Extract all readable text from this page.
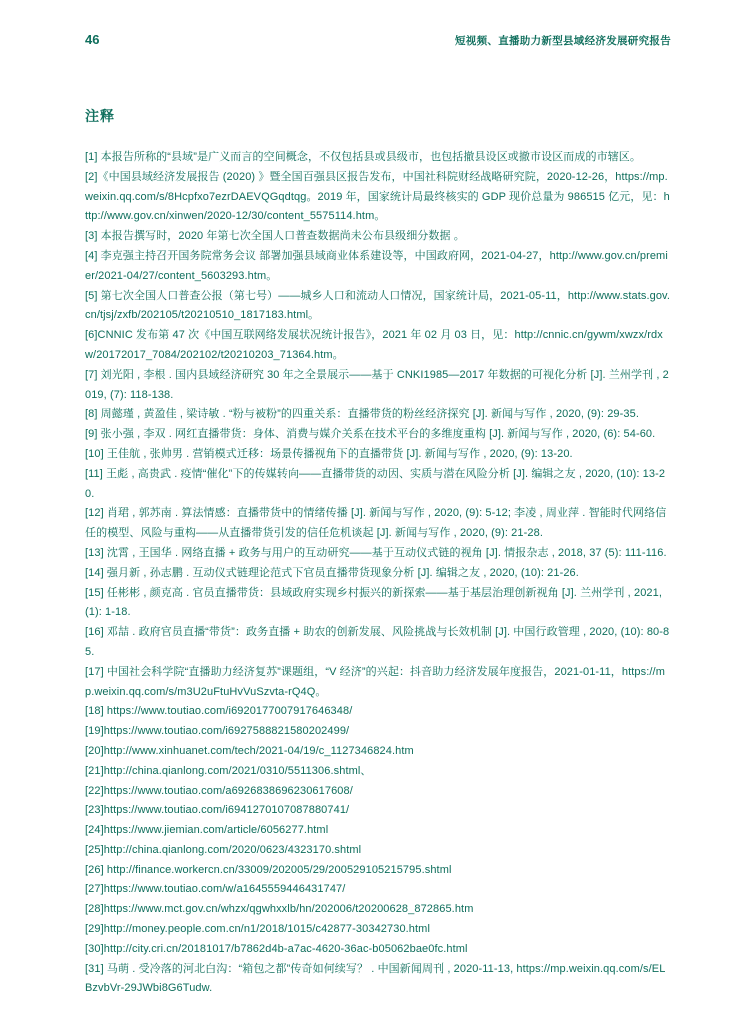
46	短视频、直播助力新型县域经济发展研究报告
注释

[1] 本报告所称的“县域”是广义而言的空间概念，不仅包括县或县级市，也包括撤县设区或撤市设区而成的市辖区。

[2]《中国县域经济发展报告 (2020) 》暨全国百强县区报告发布，中国社科院财经战略研究院，2020-12-26，https://mp.weixin.qq.com/s/8Hcpfxo7ezrDAEVQGqdtqg。2019 年，国家统计局最终核实的 GDP 现价总量为 986515 亿元，见：http://www.gov.cn/xinwen/2020-12/30/content_5575114.htm。

[3] 本报告撰写时，2020 年第七次全国人口普查数据尚未公布县级细分数据 。

[4] 李克强主持召开国务院常务会议 部署加强县域商业体系建设等，中国政府网，2021-04-27，http://www.gov.cn/premier/2021-04/27/content_5603293.htm。

[5] 第七次全国人口普查公报（第七号）——城乡人口和流动人口情况，国家统计局，2021-05-11，http://www.stats.gov.cn/tjsj/zxfb/202105/t20210510_1817183.html。

[6]CNNIC 发布第 47 次《中国互联网络发展状况统计报告》，2021 年 02 月 03 日，见：http://cnnic.cn/gywm/xwzx/rdxw/20172017_7084/202102/t20210203_71364.htm。

[7] 刘光阳 , 李根 . 国内县域经济研究 30 年之全景展示——基于 CNKI1985—2017 年数据的可视化分析 [J]. 兰州学刊 , 2019, (7): 118-138.

[8] 周懿瑾 , 黄盈佳 , 梁诗敏 . “粉与被粉”的四重关系：直播带货的粉丝经济探究 [J]. 新闻与写作 , 2020, (9): 29-35.

[9] 张小强 , 李双 . 网红直播带货：身体、消费与媒介关系在技术平台的多维度重构 [J]. 新闻与写作 , 2020, (6): 54-60.

[10] 王佳航 , 张帅男 . 营销模式迁移：场景传播视角下的直播带货 [J]. 新闻与写作 , 2020, (9): 13-20.

[11] 王彪 , 高贵武 . 疫情“催化”下的传媒转向——直播带货的动因、实质与潜在风险分析 [J]. 编辑之友 , 2020, (10): 13-20.

[12] 肖珺 , 郭苏南 . 算法情感：直播带货中的情绪传播 [J]. 新闻与写作 , 2020, (9): 5-12; 李凌 , 周业萍 . 智能时代网络信任的模型、风险与重构——从直播带货引发的信任危机谈起 [J]. 新闻与写作 , 2020, (9): 21-28.

[13] 沈霄 , 王国华 . 网络直播 + 政务与用户的互动研究——基于互动仪式链的视角 [J]. 情报杂志 , 2018, 37 (5): 111-116.

[14] 强月新 , 孙志鹏 . 互动仪式链理论范式下官员直播带货现象分析 [J]. 编辑之友 , 2020, (10): 21-26.

[15] 任彬彬 , 颜克高 . 官员直播带货：县域政府实现乡村振兴的新探索——基于基层治理创新视角 [J]. 兰州学刊 , 2021, (1): 1-18.

[16] 邓喆 . 政府官员直播“带货”：政务直播 + 助农的创新发展、风险挑战与长效机制 [J]. 中国行政管理 , 2020, (10): 80-85.

[17] 中国社会科学院“直播助力经济复苏”课题组，“V 经济”的兴起：抖音助力经济发展年度报告，2021-01-11，https://mp.weixin.qq.com/s/m3U2uFtuHvVuSzvta-rQ4Q。

[18] https://www.toutiao.com/i6920177007917646348/

[19]https://www.toutiao.com/i6927588821580202499/

[20]http://www.xinhuanet.com/tech/2021-04/19/c_1127346824.htm

[21]http://china.qianlong.com/2021/0310/5511306.shtml、

[22]https://www.toutiao.com/a6926838696230617608/

[23]https://www.toutiao.com/i6941270107087880741/

[24]https://www.jiemian.com/article/6056277.html

[25]http://china.qianlong.com/2020/0623/4323170.shtml

[26] http://finance.workercn.cn/33009/202005/29/200529105215795.shtml

[27]https://www.toutiao.com/w/a1645559446431747/

[28]https://www.mct.gov.cn/whzx/qgwhxxlb/hn/202006/t20200628_872865.htm

[29]http://money.people.com.cn/n1/2018/1015/c42877-30342730.html

[30]http://city.cri.cn/20181017/b7862d4b-a7ac-4620-36ac-b05062bae0fc.html

[31] 马萌 . 受冷落的河北白沟：“箱包之都”传奇如何续写？ . 中国新闻周刊 , 2020-11-13, https://mp.weixin.qq.com/s/ELBzvbVr-29JWbi8G6Tudw.
